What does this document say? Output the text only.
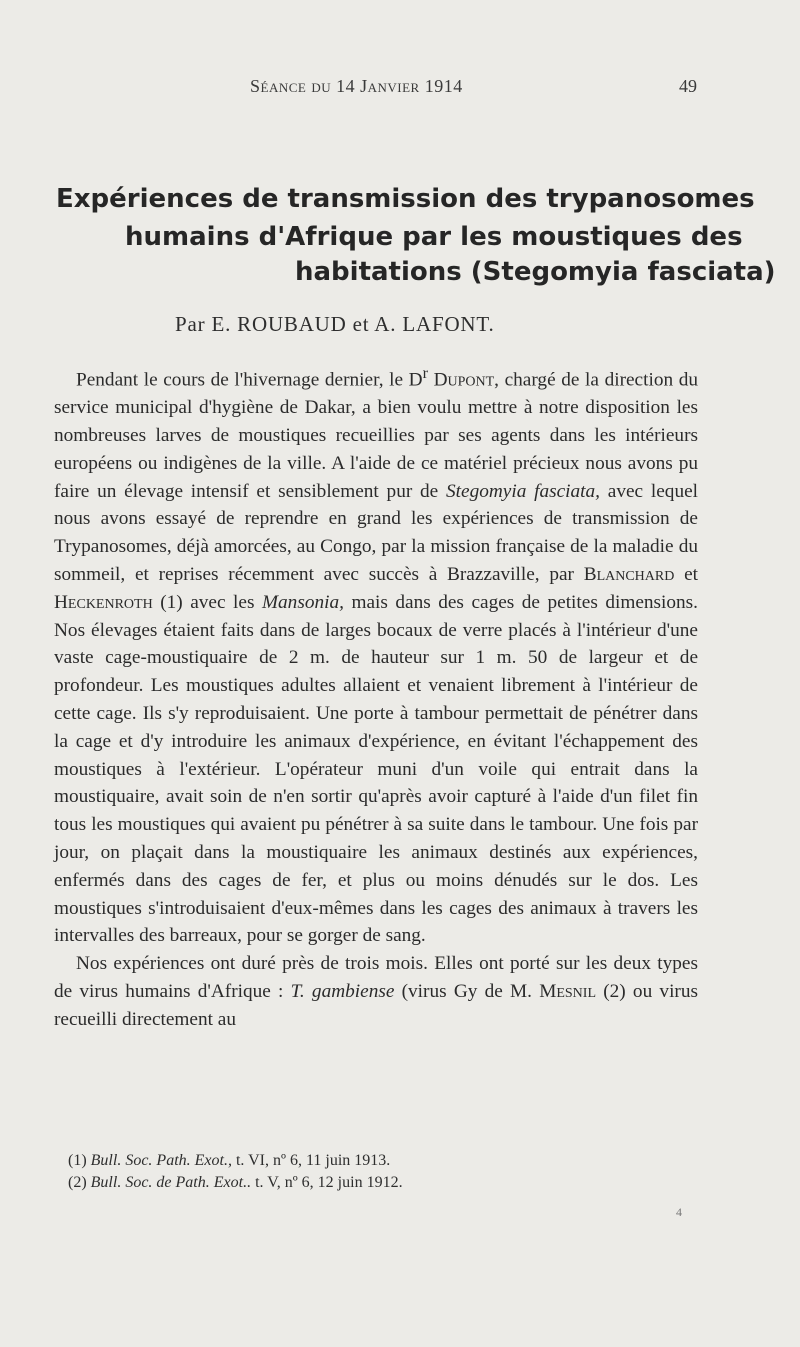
Séance du 14 Janvier 1914	49
Expériences de transmission des trypanosomes
humains d'Afrique par les moustiques des
habitations (Stegomyia fasciata)
Par E. ROUBAUD et A. LAFONT.

Pendant le cours de l'hivernage dernier, le $D^r$ Dupont, chargé de la direction du service municipal d'hygiène de Dakar, a bien voulu mettre à notre disposition les nombreuses larves de moustiques recueillies par ses agents dans les intérieurs européens ou indigènes de la ville. A l'aide de ce matériel précieux nous avons pu faire un élevage intensif et sensiblement pur de Stegomyia fasciata, avec lequel nous avons essayé de reprendre en grand les expériences de transmission de Trypanosomes, déjà amorcées, au Congo, par la mission française de la maladie du sommeil, et reprises récemment avec succès à Brazzaville, par Blanchard et Heckenroth (1) avec les Mansonia, mais dans des cages de petites dimensions. Nos élevages étaient faits dans de larges bocaux de verre placés à l'intérieur d'une vaste cage-moustiquaire de 2 m. de hauteur sur 1 m. 50 de largeur et de profondeur. Les moustiques adultes allaient et venaient librement à l'intérieur de cette cage. Ils s'y reproduisaient. Une porte à tambour permettait de pénétrer dans la cage et d'y introduire les animaux d'expérience, en évitant l'échappement des moustiques à l'extérieur. L'opérateur muni d'un voile qui entrait dans la moustiquaire, avait soin de n'en sortir qu'après avoir capturé à l'aide d'un filet fin tous les moustiques qui avaient pu pénétrer à sa suite dans le tambour. Une fois par jour, on plaçait dans la moustiquaire les animaux destinés aux expériences, enfermés dans des cages de fer, et plus ou moins dénudés sur le dos. Les moustiques s'introduisaient d'eux-mêmes dans les cages des animaux à travers les intervalles des barreaux, pour se gorger de sang.

Nos expériences ont duré près de trois mois. Elles ont porté sur les deux types de virus humains d'Afrique : T. gambiense (virus Gy de M. Mesnil (2) ou virus recueilli directement au

(1) Bull. Soc. Path. Exot., t. VI, nº 6, 11 juin 1913.
(2) Bull. Soc. de Path. Exot.. t. V, nº 6, 12 juin 1912.
4
